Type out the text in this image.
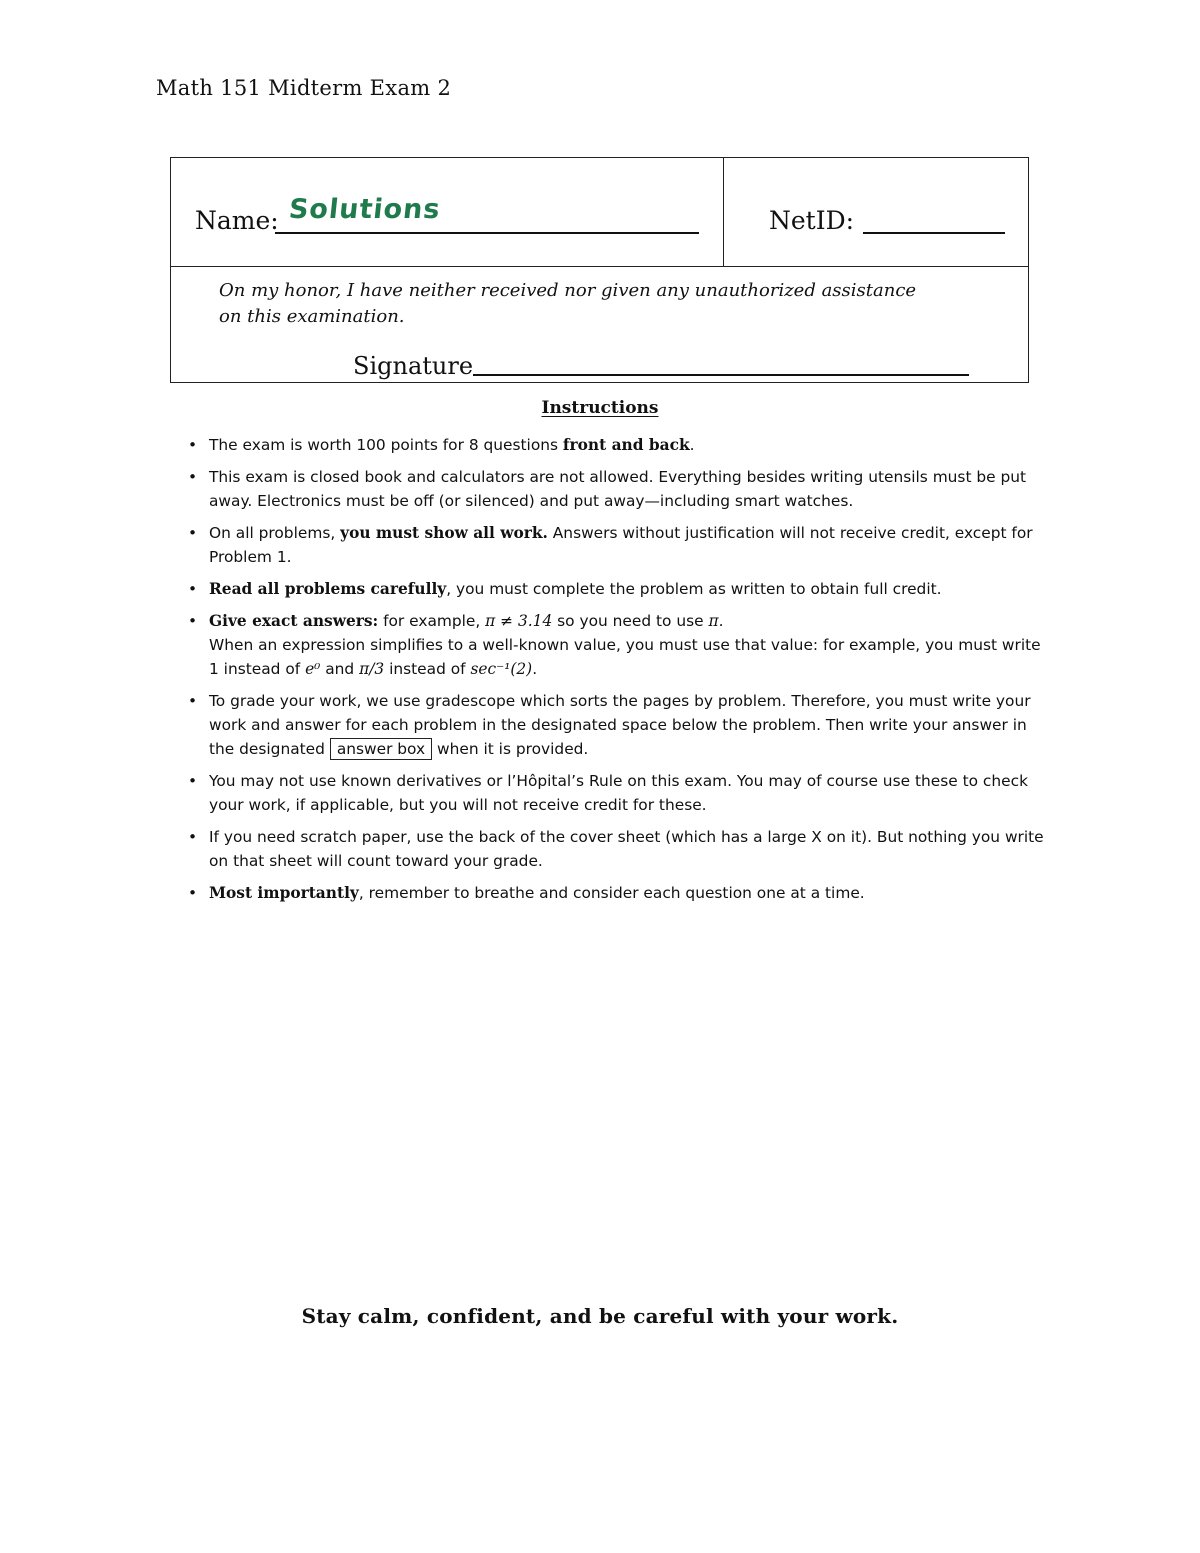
Math 151 Midterm Exam 2
Name: Solutions	NetID:
On my honor, I have neither received nor given any unauthorized assistance
on this examination.
Signature
Instructions
• The exam is worth 100 points for 8 questions front and back.
• This exam is closed book and calculators are not allowed. Everything besides writing utensils must be put away. Electronics must be off (or silenced) and put away—including smart watches.
• On all problems, you must show all work. Answers without justification will not receive credit, except for Problem 1.
• Read all problems carefully, you must complete the problem as written to obtain full credit.
• Give exact answers: for example, π ≠ 3.14 so you need to use π.
When an expression simplifies to a well-known value, you must use that value: for example, you must write 1 instead of e⁰ and π/3 instead of sec⁻¹(2).
• To grade your work, we use gradescope which sorts the pages by problem. Therefore, you must write your work and answer for each problem in the designated space below the problem. Then write your answer in the designated answer box when it is provided.
• You may not use known derivatives or l’Hôpital’s Rule on this exam. You may of course use these to check your work, if applicable, but you will not receive credit for these.
• If you need scratch paper, use the back of the cover sheet (which has a large X on it). But nothing you write on that sheet will count toward your grade.
• Most importantly, remember to breathe and consider each question one at a time.
Stay calm, confident, and be careful with your work.
